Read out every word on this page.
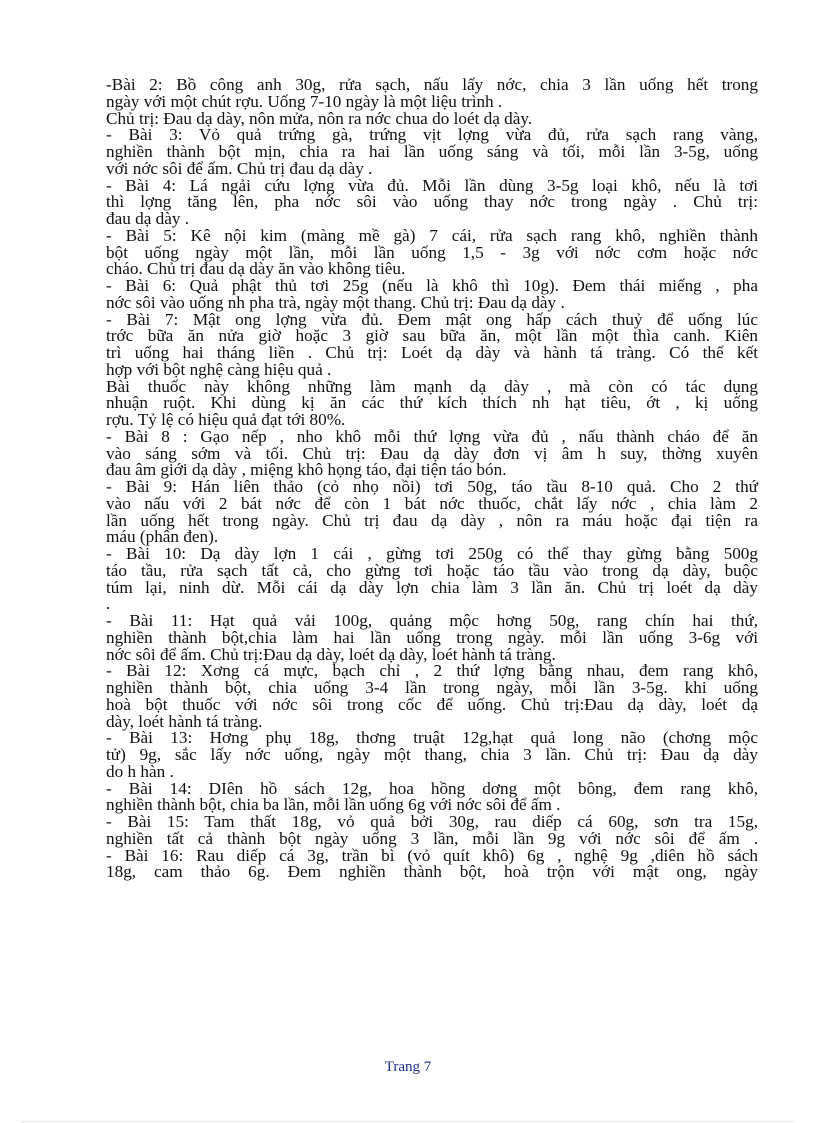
-Bài 2: Bồ công anh 30g, rửa sạch, nấu lấy nớc, chia 3 lần uống hết trong
ngày với một chút rợu. Uống 7-10 ngày là một liệu trình .
Chủ trị: Đau dạ dày, nôn mửa, nôn ra nớc chua do loét dạ dày.
- Bài 3: Vỏ quả trứng gà, trứng vịt lợng vừa đủ, rửa sạch rang vàng,
nghiền thành bột mịn, chia ra hai lần uống sáng và tối, mỗi lần 3-5g, uống
với nớc sôi để ấm. Chủ trị đau dạ dày .
- Bài 4: Lá ngải cứu lợng vừa đủ. Mỗi lần dùng 3-5g loại khô, nếu là tơi
thì lợng tăng lên, pha nớc sôi vào uống thay nớc trong ngày . Chủ trị:
đau dạ dày .
- Bài 5: Kê nội kim (màng mề gà) 7 cái, rửa sạch rang khô, nghiền thành
bột uống ngày một lần, mỗi lần uống 1,5 - 3g với nớc cơm hoặc nớc
cháo. Chủ trị đau dạ dày ăn vào không tiêu.
- Bài 6: Quả phật thủ tơi 25g (nếu là khô thì 10g). Đem thái miếng , pha
nớc sôi vào uống nh pha trà, ngày một thang. Chủ trị: Đau dạ dày .
- Bài 7: Mật ong lợng vừa đủ. Đem mật ong hấp cách thuỷ để uống lúc
trớc bữa ăn nửa giờ hoặc 3 giờ sau bữa ăn, một lần một thìa canh. Kiên
trì uống hai tháng liền . Chủ trị: Loét dạ dày và hành tá tràng. Có thể kết
hợp với bột nghệ càng hiệu quả .
Bài thuốc này không những làm mạnh dạ dày , mà còn có tác dụng
nhuận ruột. Khi dùng kị ăn các thứ kích thích nh hạt tiêu, ớt , kị uống
rợu. Tỷ lệ có hiệu quả đạt tới 80%.
- Bài 8 : Gạo nếp , nho khô mỗi thứ lợng vừa đủ , nấu thành cháo để ăn
vào sáng sớm và tối. Chủ trị: Đau dạ dày đơn vị âm h suy, thờng xuyên
đau âm giới dạ dày , miệng khô họng táo, đại tiện táo bón.
- Bài 9: Hán liên thảo (cỏ nhọ nồi) tơi 50g, táo tầu 8-10 quả. Cho 2 thứ
vào nấu với 2 bát nớc để còn 1 bát nớc thuốc, chắt lấy nớc , chia làm 2
lần uống hết trong ngày. Chủ trị đau dạ dày , nôn ra máu hoặc đại tiện ra
máu (phân đen).
- Bài 10: Dạ dày lợn 1 cái , gừng tơi 250g có thể thay gừng bằng 500g
táo tầu, rửa sạch tất cả, cho gừng tơi hoặc táo tầu vào trong dạ dày, buộc
túm lại, ninh dừ. Mỗi cái dạ dày lợn chia làm 3 lần ăn. Chủ trị loét dạ dày
.
- Bài 11: Hạt quả vải 100g, quảng mộc hơng 50g, rang chín hai thứ,
nghiền thành bột,chia làm hai lần uống trong ngày. mỗi lần uống 3-6g với
nớc sôi để ấm. Chủ trị:Đau dạ dày, loét dạ dày, loét hành tá tràng.
- Bài 12: Xơng cá mực, bạch chỉ , 2 thứ lợng bằng nhau, đem rang khô,
nghiền thành bột, chia uống 3-4 lần trong ngày, mỗi lần 3-5g. khi uống
hoà bột thuốc với nớc sôi trong cốc để uống. Chủ trị:Đau dạ dày, loét dạ
dày, loét hành tá tràng.
- Bài 13: Hơng phụ 18g, thơng truật 12g,hạt quả long não (chơng mộc
tử) 9g, sắc lấy nớc uống, ngày một thang, chia 3 lần. Chủ trị: Đau dạ dày
do h hàn .
- Bài 14: DIên hồ sách 12g, hoa hồng dơng một bông, đem rang khô,
nghiền thành bột, chia ba lần, mỗi lần uống 6g với nớc sôi để ấm .
- Bài 15: Tam thất 18g, vỏ quả bởi 30g, rau diếp cá 60g, sơn tra 15g,
nghiền tất cả thành bột ngày uống 3 lần, mỗi lần 9g với nớc sôi để ấm .
- Bài 16: Rau diếp cá 3g, trần bì (vỏ quít khô) 6g , nghệ 9g ,diên hồ sách
18g, cam thảo 6g. Đem nghiền thành bột, hoà trộn với mật ong, ngày
Trang 7
